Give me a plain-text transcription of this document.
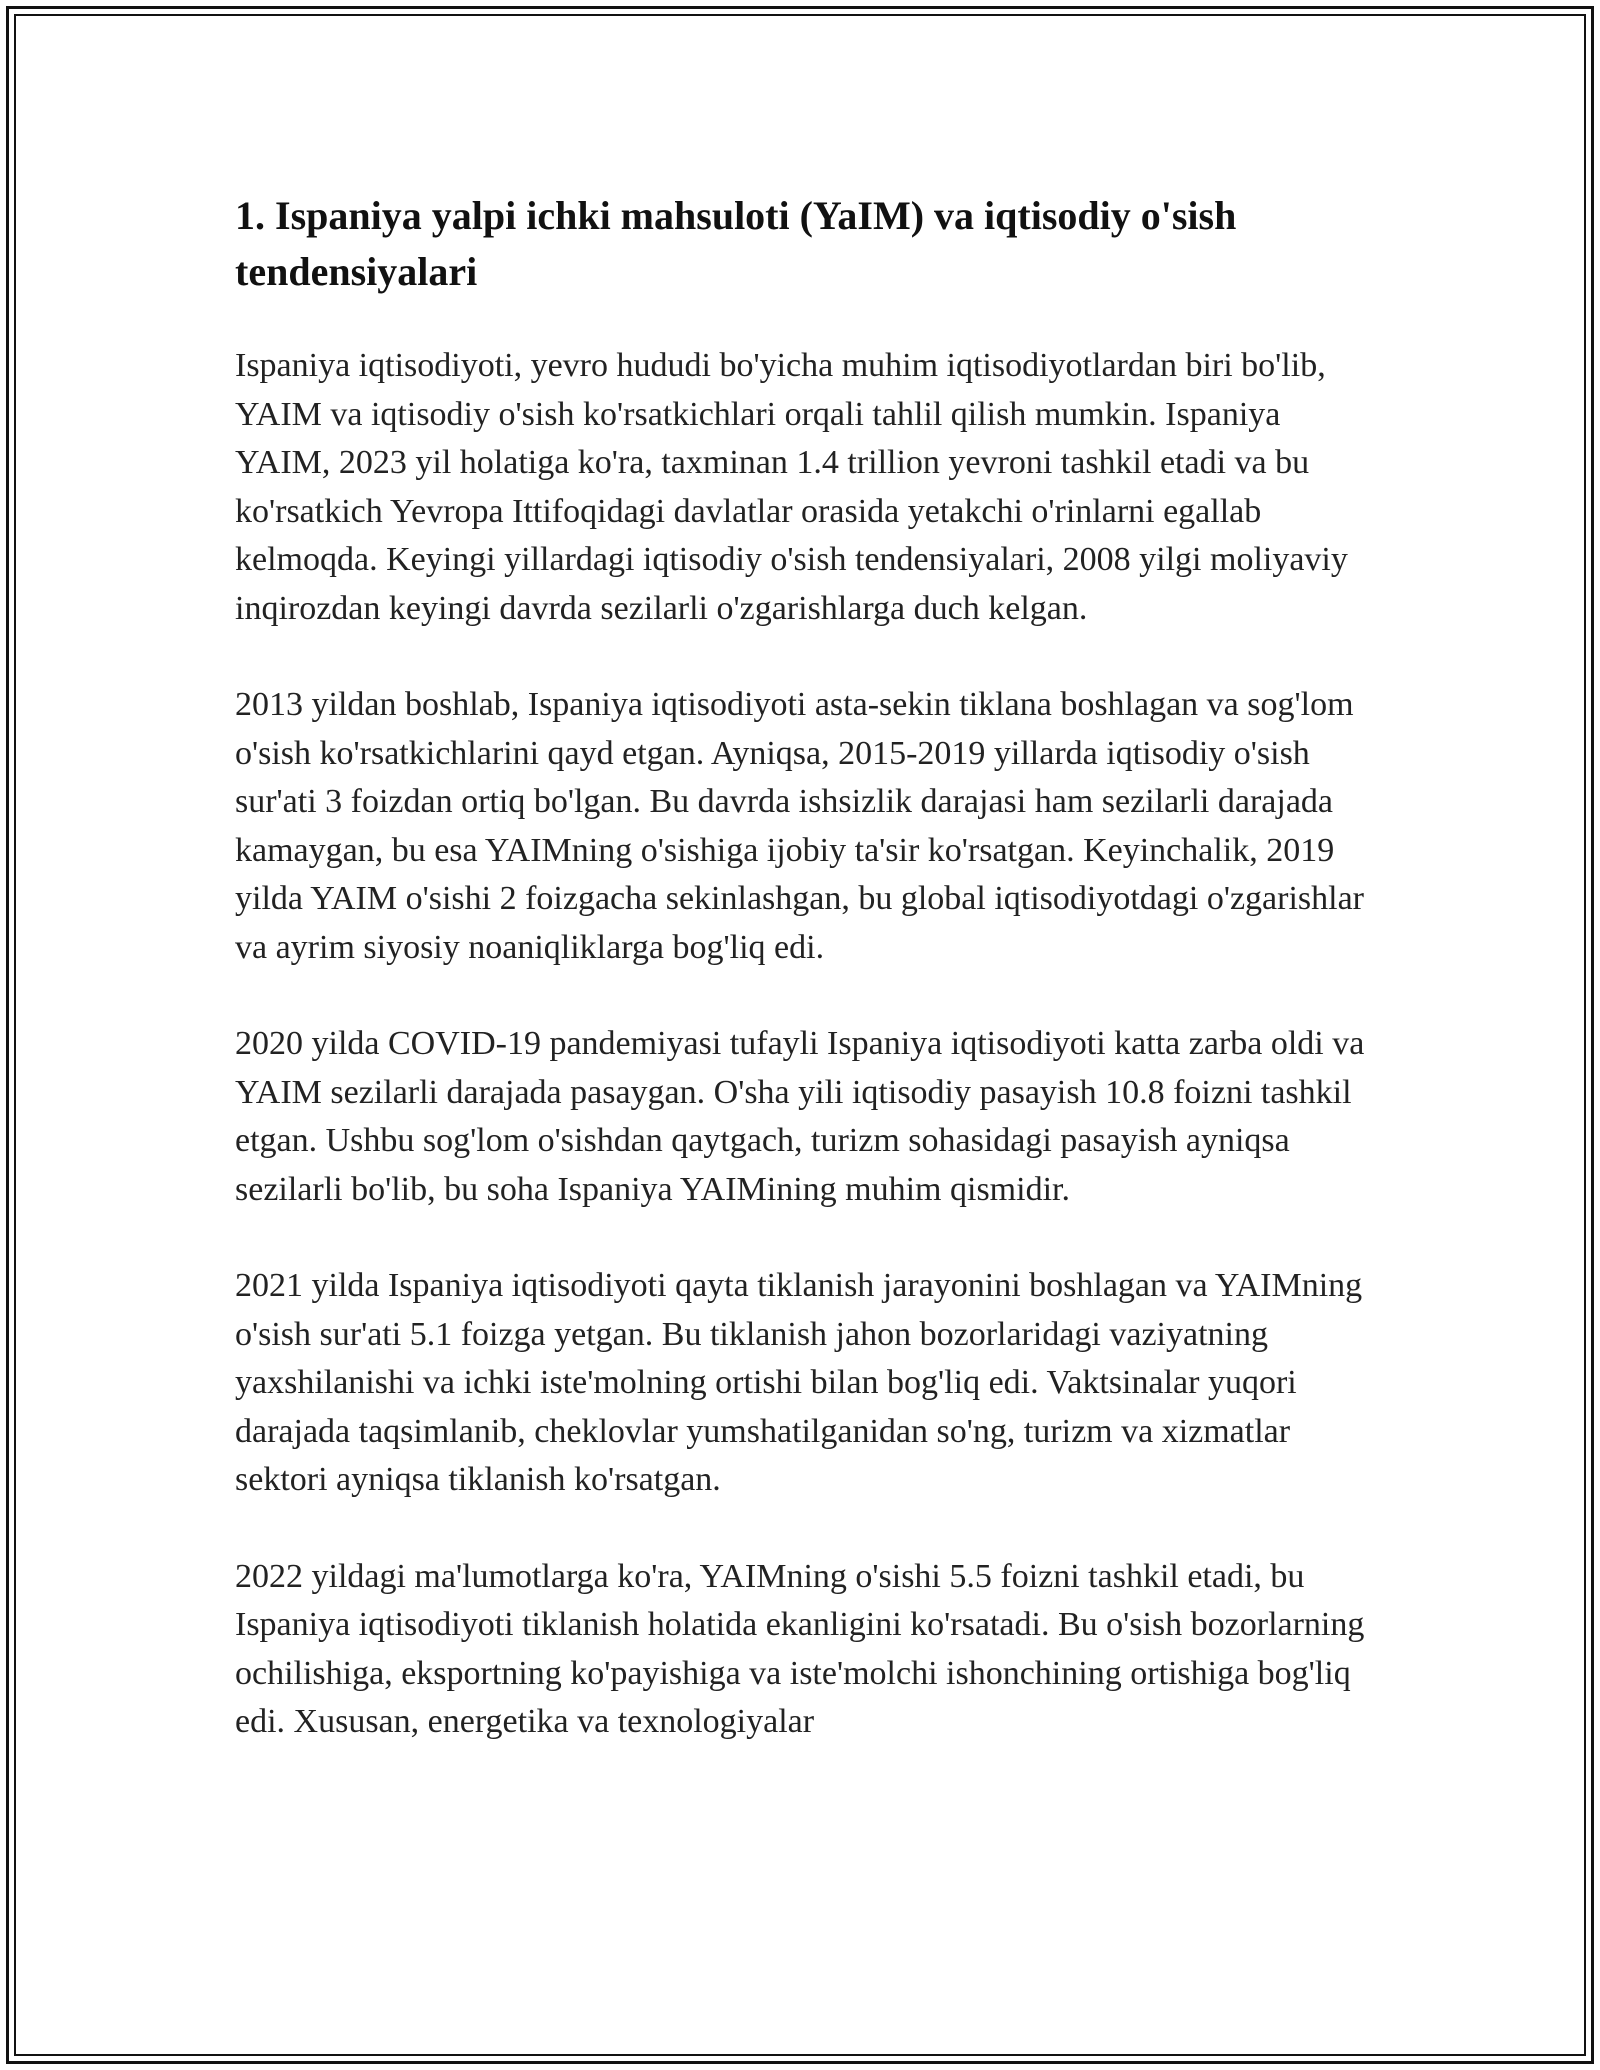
1. Ispaniya yalpi ichki mahsuloti (YaIM) va iqtisodiy o'sish tendensiyalari

Ispaniya iqtisodiyoti, yevro hududi bo'yicha muhim iqtisodiyotlardan biri bo'lib, YAIM va iqtisodiy o'sish ko'rsatkichlari orqali tahlil qilish mumkin. Ispaniya YAIM, 2023 yil holatiga ko'ra, taxminan 1.4 trillion yevroni tashkil etadi va bu ko'rsatkich Yevropa Ittifoqidagi davlatlar orasida yetakchi o'rinlarni egallab kelmoqda. Keyingi yillardagi iqtisodiy o'sish tendensiyalari, 2008 yilgi moliyaviy inqirozdan keyingi davrda sezilarli o'zgarishlarga duch kelgan.

2013 yildan boshlab, Ispaniya iqtisodiyoti asta-sekin tiklana boshlagan va sog'lom o'sish ko'rsatkichlarini qayd etgan. Ayniqsa, 2015-2019 yillarda iqtisodiy o'sish sur'ati 3 foizdan ortiq bo'lgan. Bu davrda ishsizlik darajasi ham sezilarli darajada kamaygan, bu esa YAIMning o'sishiga ijobiy ta'sir ko'rsatgan. Keyinchalik, 2019 yilda YAIM o'sishi 2 foizgacha sekinlashgan, bu global iqtisodiyotdagi o'zgarishlar va ayrim siyosiy noaniqliklarga bog'liq edi.

2020 yilda COVID-19 pandemiyasi tufayli Ispaniya iqtisodiyoti katta zarba oldi va YAIM sezilarli darajada pasaygan. O'sha yili iqtisodiy pasayish 10.8 foizni tashkil etgan. Ushbu sog'lom o'sishdan qaytgach, turizm sohasidagi pasayish ayniqsa sezilarli bo'lib, bu soha Ispaniya YAIMining muhim qismidir.

2021 yilda Ispaniya iqtisodiyoti qayta tiklanish jarayonini boshlagan va YAIMning o'sish sur'ati 5.1 foizga yetgan. Bu tiklanish jahon bozorlaridagi vaziyatning yaxshilanishi va ichki iste'molning ortishi bilan bog'liq edi. Vaktsinalar yuqori darajada taqsimlanib, cheklovlar yumshatilganidan so'ng, turizm va xizmatlar sektori ayniqsa tiklanish ko'rsatgan.

2022 yildagi ma'lumotlarga ko'ra, YAIMning o'sishi 5.5 foizni tashkil etadi, bu Ispaniya iqtisodiyoti tiklanish holatida ekanligini ko'rsatadi. Bu o'sish bozorlarning ochilishiga, eksportning ko'payishiga va iste'molchi ishonchining ortishiga bog'liq edi. Xususan, energetika va texnologiyalar
